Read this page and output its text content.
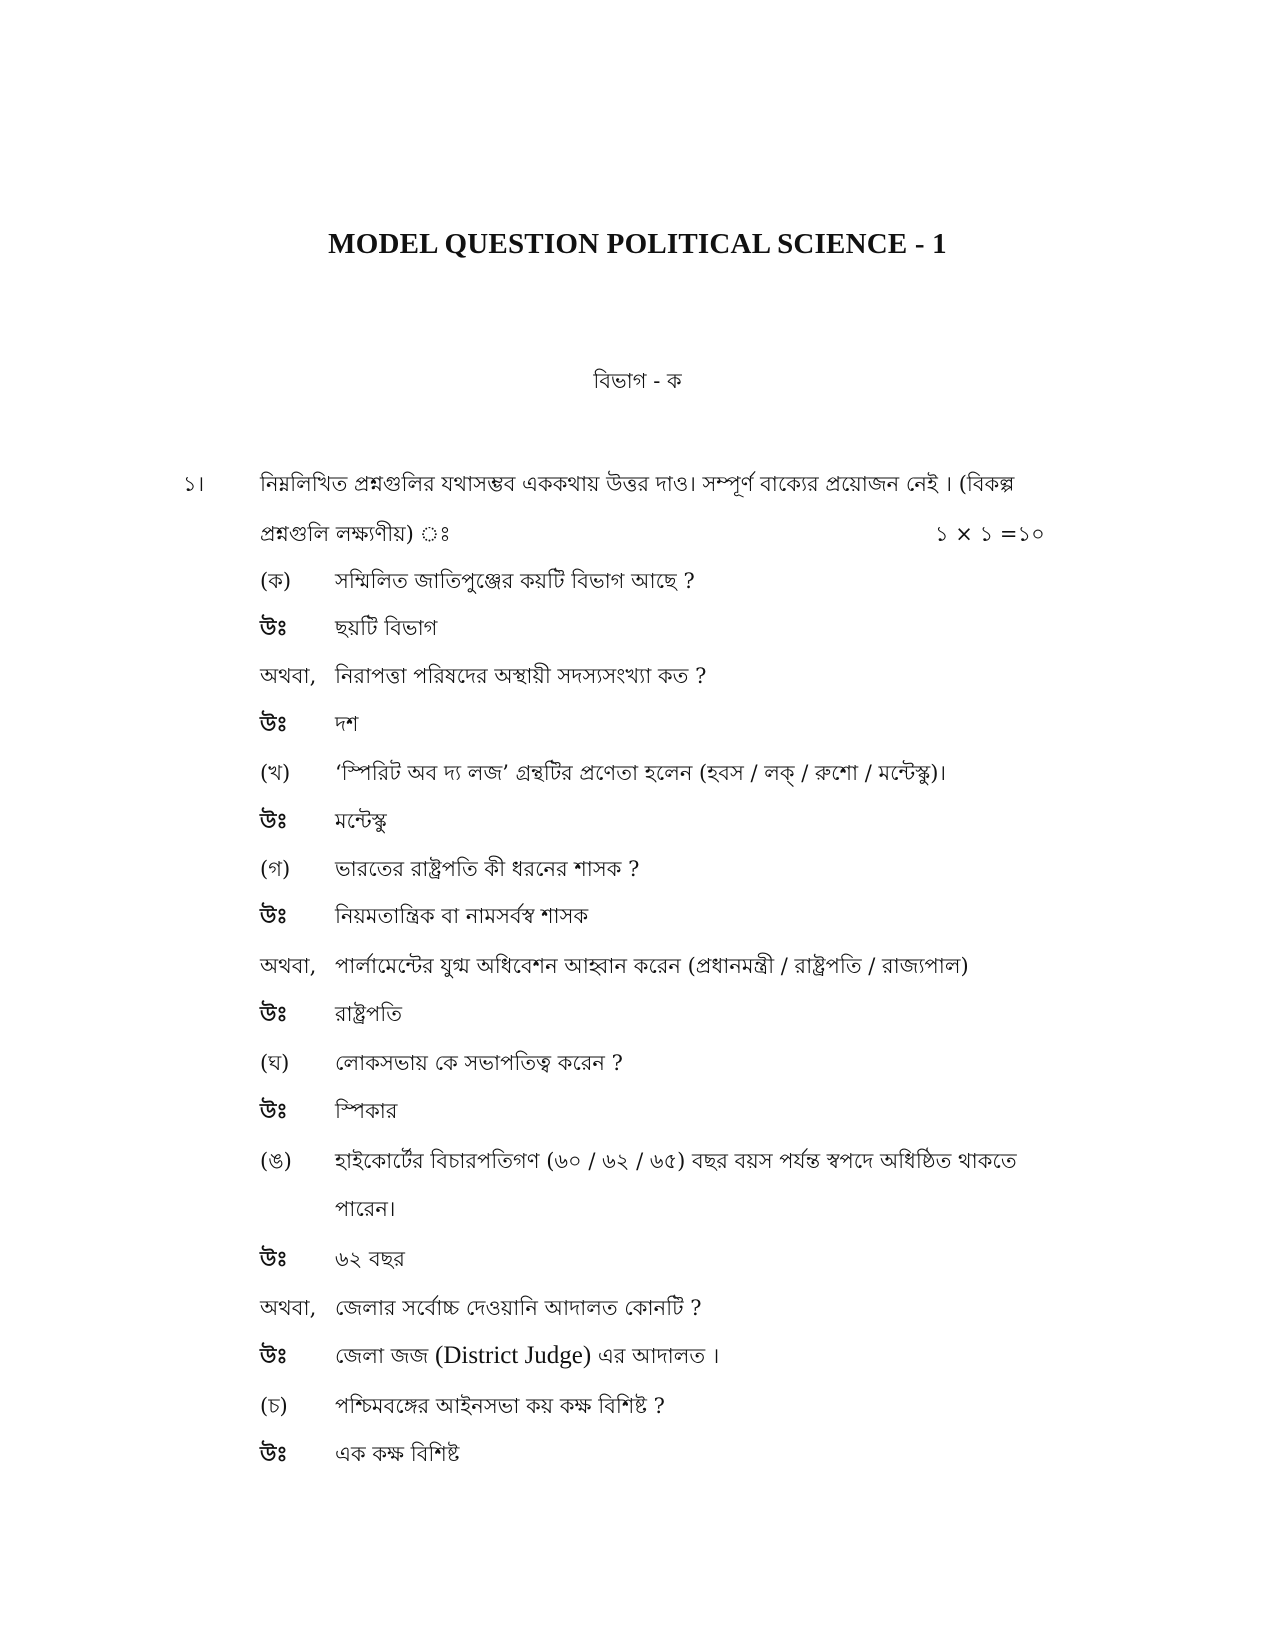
MODEL QUESTION POLITICAL SCIENCE - 1
বিভাগ - ক
১।	নিম্নলিখিত প্রশ্নগুলির যথাসম্ভব এককথায় উত্তর দাও। সম্পূর্ণ বাক্যের প্রয়োজন নেই । (বিকল্প
প্রশ্নগুলি লক্ষ্যণীয়) ঃ	১ × ১ =১০
(ক) সম্মিলিত জাতিপুঞ্জের কয়টি বিভাগ আছে ?
উঃ ছয়টি বিভাগ
অথবা, নিরাপত্তা পরিষদের অস্থায়ী সদস্যসংখ্যা কত ?
উঃ দশ
(খ) ‘স্পিরিট অব দ্য লজ’ গ্রন্থটির প্রণেতা হলেন (হবস / লক্ / রুশো / মন্টেস্কু)।
উঃ মন্টেস্কু
(গ) ভারতের রাষ্ট্রপতি কী ধরনের শাসক ?
উঃ নিয়মতান্ত্রিক বা নামসর্বস্ব শাসক
অথবা, পার্লামেন্টের যুগ্ম অধিবেশন আহ্বান করেন (প্রধানমন্ত্রী / রাষ্ট্রপতি / রাজ্যপাল)
উঃ রাষ্ট্রপতি
(ঘ) লোকসভায় কে সভাপতিত্ব করেন ?
উঃ স্পিকার
(ঙ) হাইকোর্টের বিচারপতিগণ (৬০ / ৬২ / ৬৫) বছর বয়স পর্যন্ত স্বপদে অধিষ্ঠিত থাকতে
পারেন।
উঃ ৬২ বছর
অথবা, জেলার সর্বোচ্চ দেওয়ানি আদালত কোনটি ?
উঃ জেলা জজ (District Judge) এর আদালত ।
(চ) পশ্চিমবঙ্গের আইনসভা কয় কক্ষ বিশিষ্ট ?
উঃ এক কক্ষ বিশিষ্ট
